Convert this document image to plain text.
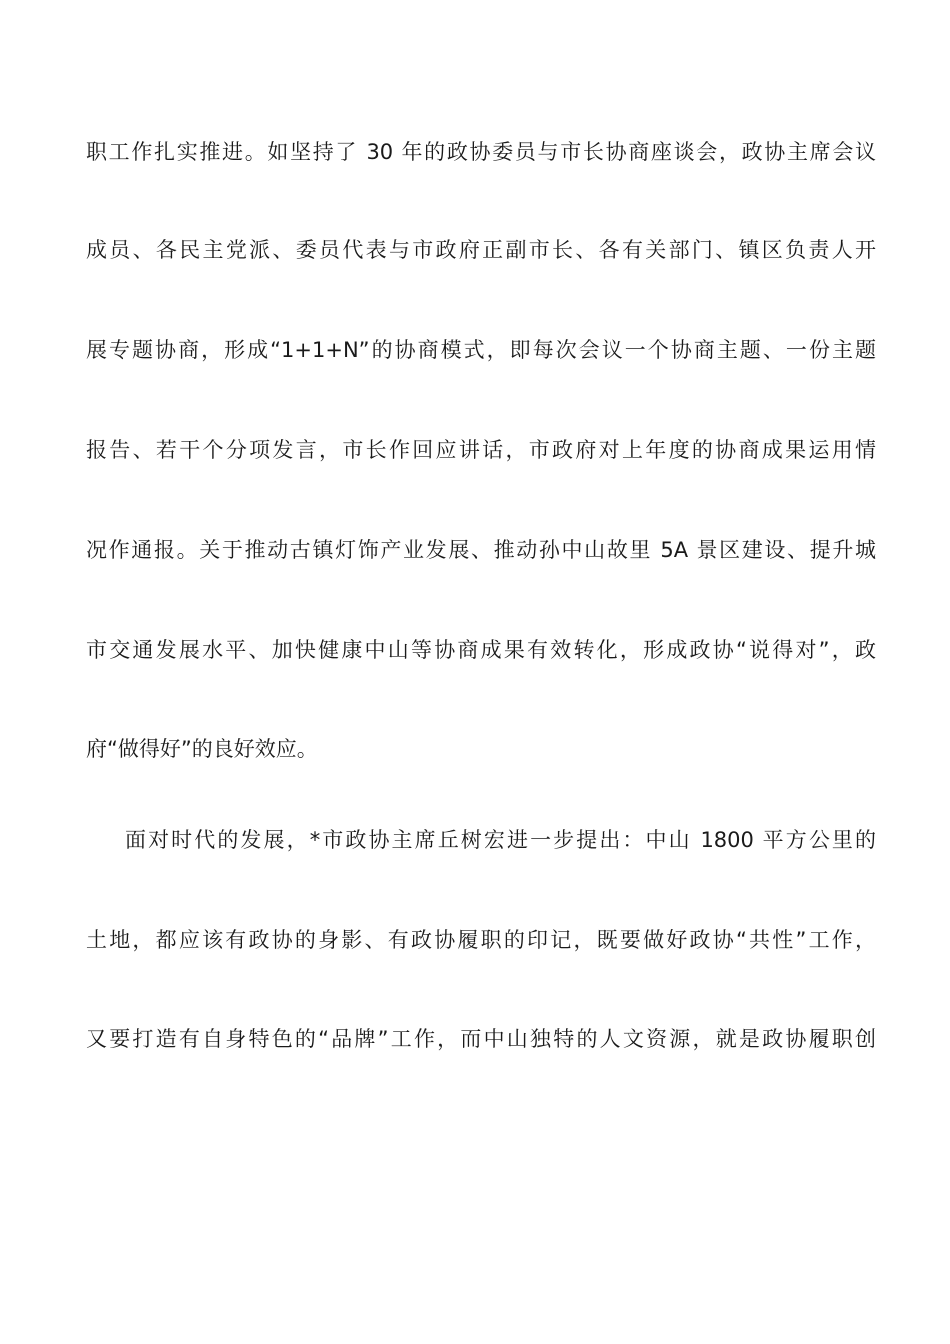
职工作扎实推进。如坚持了 30 年的政协委员与市长协商座谈会，政协主席会议
成员、各民主党派、委员代表与市政府正副市长、各有关部门、镇区负责人开
展专题协商，形成“1+1+N”的协商模式，即每次会议一个协商主题、一份主题
报告、若干个分项发言，市长作回应讲话，市政府对上年度的协商成果运用情
况作通报。关于推动古镇灯饰产业发展、推动孙中山故里 5A 景区建设、提升城
市交通发展水平、加快健康中山等协商成果有效转化，形成政协“说得对”，政
府“做得好”的良好效应。
面对时代的发展，*市政协主席丘树宏进一步提出：中山 1800 平方公里的
土地，都应该有政协的身影、有政协履职的印记，既要做好政协“共性”工作，
又要打造有自身特色的“品牌”工作，而中山独特的人文资源，就是政协履职创
